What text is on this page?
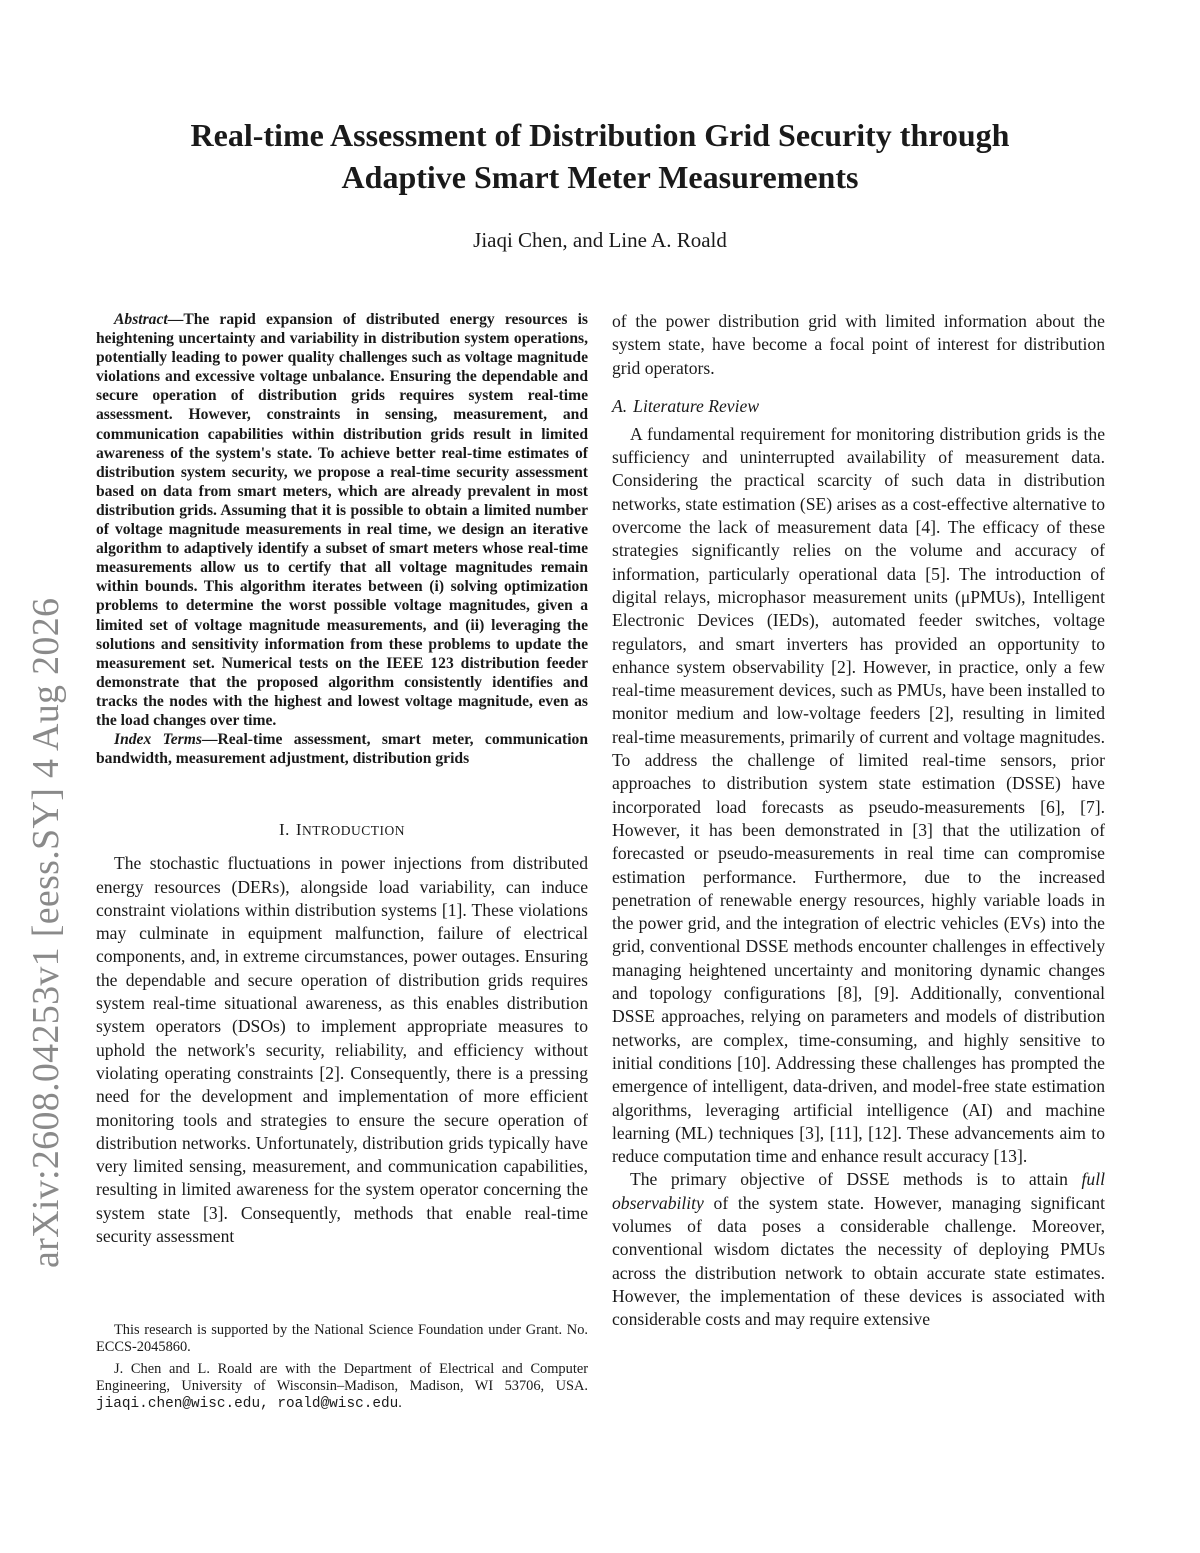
arXiv:2608.04253v1 [eess.SY] 4 Aug 2026
Real-time Assessment of Distribution Grid Security through
Adaptive Smart Meter Measurements
Jiaqi Chen, and Line A. Roald

Abstract—The rapid expansion of distributed energy resources is heightening uncertainty and variability in distribution system operations, potentially leading to power quality challenges such as voltage magnitude violations and excessive voltage unbalance. Ensuring the dependable and secure operation of distribution grids requires system real-time assessment. However, constraints in sensing, measurement, and communication capabilities within distribution grids result in limited awareness of the system's state. To achieve better real-time estimates of distribution system security, we propose a real-time security assessment based on data from smart meters, which are already prevalent in most distribution grids. Assuming that it is possible to obtain a limited number of voltage magnitude measurements in real time, we design an iterative algorithm to adaptively identify a subset of smart meters whose real-time measurements allow us to certify that all voltage magnitudes remain within bounds. This algorithm iterates between (i) solving optimization problems to determine the worst possible voltage magnitudes, given a limited set of voltage magnitude measurements, and (ii) leveraging the solutions and sensitivity information from these problems to update the measurement set. Numerical tests on the IEEE 123 distribution feeder demonstrate that the proposed algorithm consistently identifies and tracks the nodes with the highest and lowest voltage magnitude, even as the load changes over time.

Index Terms—Real-time assessment, smart meter, communication bandwidth, measurement adjustment, distribution grids

I. INTRODUCTION

The stochastic fluctuations in power injections from distributed energy resources (DERs), alongside load variability, can induce constraint violations within distribution systems [1]. These violations may culminate in equipment malfunction, failure of electrical components, and, in extreme circumstances, power outages. Ensuring the dependable and secure operation of distribution grids requires system real-time situational awareness, as this enables distribution system operators (DSOs) to implement appropriate measures to uphold the network's security, reliability, and efficiency without violating operating constraints [2]. Consequently, there is a pressing need for the development and implementation of more efficient monitoring tools and strategies to ensure the secure operation of distribution networks. Unfortunately, distribution grids typically have very limited sensing, measurement, and communication capabilities, resulting in limited awareness for the system operator concerning the system state [3]. Consequently, methods that enable real-time security assessment

This research is supported by the National Science Foundation under Grant. No. ECCS-2045860.

J. Chen and L. Roald are with the Department of Electrical and Computer Engineering, University of Wisconsin–Madison, Madison, WI 53706, USA. jiaqi.chen@wisc.edu, roald@wisc.edu.

of the power distribution grid with limited information about the system state, have become a focal point of interest for distribution grid operators.

A. Literature Review

A fundamental requirement for monitoring distribution grids is the sufficiency and uninterrupted availability of measurement data. Considering the practical scarcity of such data in distribution networks, state estimation (SE) arises as a cost-effective alternative to overcome the lack of measurement data [4]. The efficacy of these strategies significantly relies on the volume and accuracy of information, particularly operational data [5]. The introduction of digital relays, microphasor measurement units (μPMUs), Intelligent Electronic Devices (IEDs), automated feeder switches, voltage regulators, and smart inverters has provided an opportunity to enhance system observability [2]. However, in practice, only a few real-time measurement devices, such as PMUs, have been installed to monitor medium and low-voltage feeders [2], resulting in limited real-time measurements, primarily of current and voltage magnitudes. To address the challenge of limited real-time sensors, prior approaches to distribution system state estimation (DSSE) have incorporated load forecasts as pseudo-measurements [6], [7]. However, it has been demonstrated in [3] that the utilization of forecasted or pseudo-measurements in real time can compromise estimation performance. Furthermore, due to the increased penetration of renewable energy resources, highly variable loads in the power grid, and the integration of electric vehicles (EVs) into the grid, conventional DSSE methods encounter challenges in effectively managing heightened uncertainty and monitoring dynamic changes and topology configurations [8], [9]. Additionally, conventional DSSE approaches, relying on parameters and models of distribution networks, are complex, time-consuming, and highly sensitive to initial conditions [10]. Addressing these challenges has prompted the emergence of intelligent, data-driven, and model-free state estimation algorithms, leveraging artificial intelligence (AI) and machine learning (ML) techniques [3], [11], [12]. These advancements aim to reduce computation time and enhance result accuracy [13].

The primary objective of DSSE methods is to attain full observability of the system state. However, managing significant volumes of data poses a considerable challenge. Moreover, conventional wisdom dictates the necessity of deploying PMUs across the distribution network to obtain accurate state estimates. However, the implementation of these devices is associated with considerable costs and may require extensive
